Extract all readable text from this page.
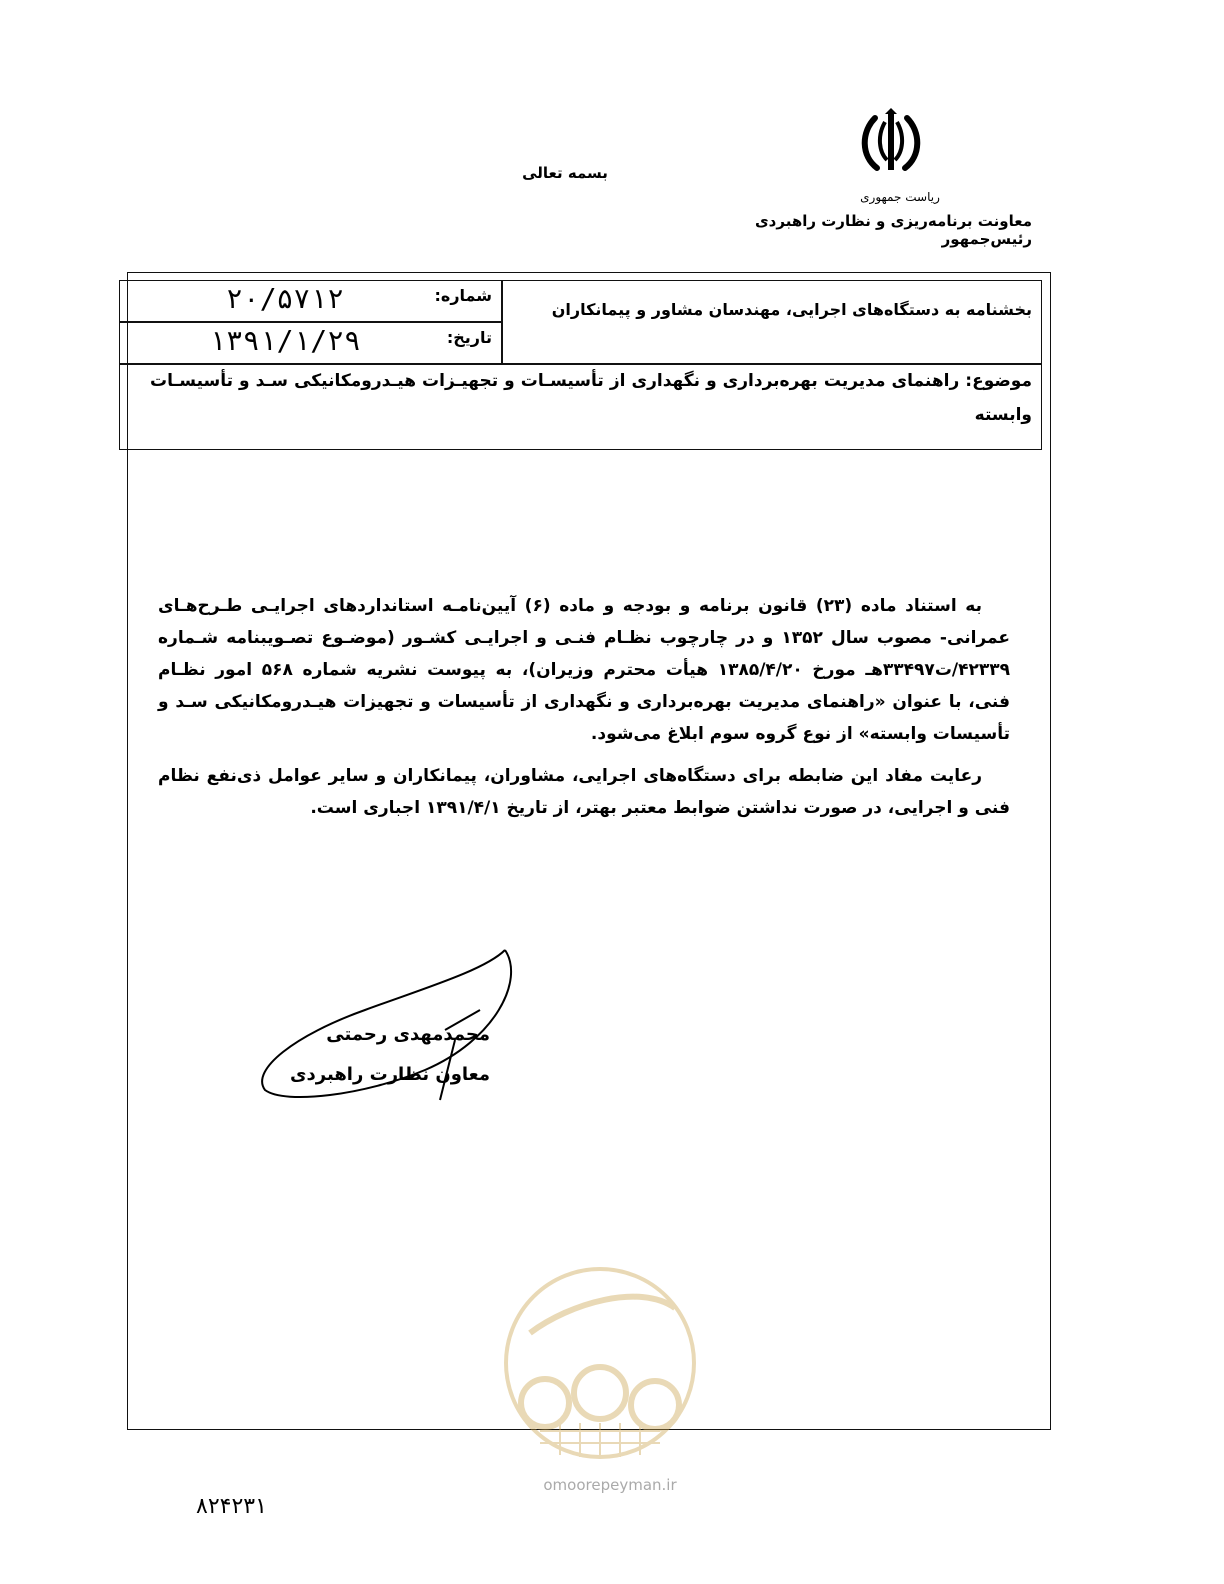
بسمه تعالی
ریاست جمهوری
معاونت برنامه‌ریزی و نظارت راهبردی رئیس‌جمهور
بخشنامه به دستگاه‌های اجرایی، مهندسان مشاور و پیمانکاران
شماره:
۲۰/۵۷۱۲
تاریخ:
۱۳۹۱/۱/۲۹
موضوع: راهنمای مدیریت بهره‌برداری و نگهداری از تأسیسـات و تجهیـزات هیـدرومکانیکی سـد و تأسیسـات وابسته

به استناد ماده (۲۳) قانون برنامه و بودجه و ماده (۶) آیین‌نامـه استانداردهای اجرایـی طـرح‌هـای عمرانی- مصوب سال ۱۳۵۲ و در چارچوب نظـام فنـی و اجرایـی کشـور (موضـوع تصـویبنامه شـماره ۴۲۳۳۹/ت۳۳۴۹۷هـ مورخ ۱۳۸۵/۴/۲۰ هیأت محترم وزیران)، به پیوست نشریه شماره ۵۶۸ امور نظـام فنی، با عنوان «راهنمای مدیریت بهره‌برداری و نگهداری از تأسیسات و تجهیزات هیـدرومکانیکی سـد و تأسیسات وابسته» از نوع گروه سوم ابلاغ می‌شود.

رعایت مفاد این ضابطه برای دستگاه‌های اجرایی، مشاوران، پیمانکاران و سایر عوامل ذی‌نفع نظام فنی و اجرایی، در صورت نداشتن ضوابط معتبر بهتر، از تاریخ ۱۳۹۱/۴/۱ اجباری است.

محمدمهدی رحمتی
معاون نظارت راهبردی
omoorepeyman.ir
۸۲۴۲۳۱
